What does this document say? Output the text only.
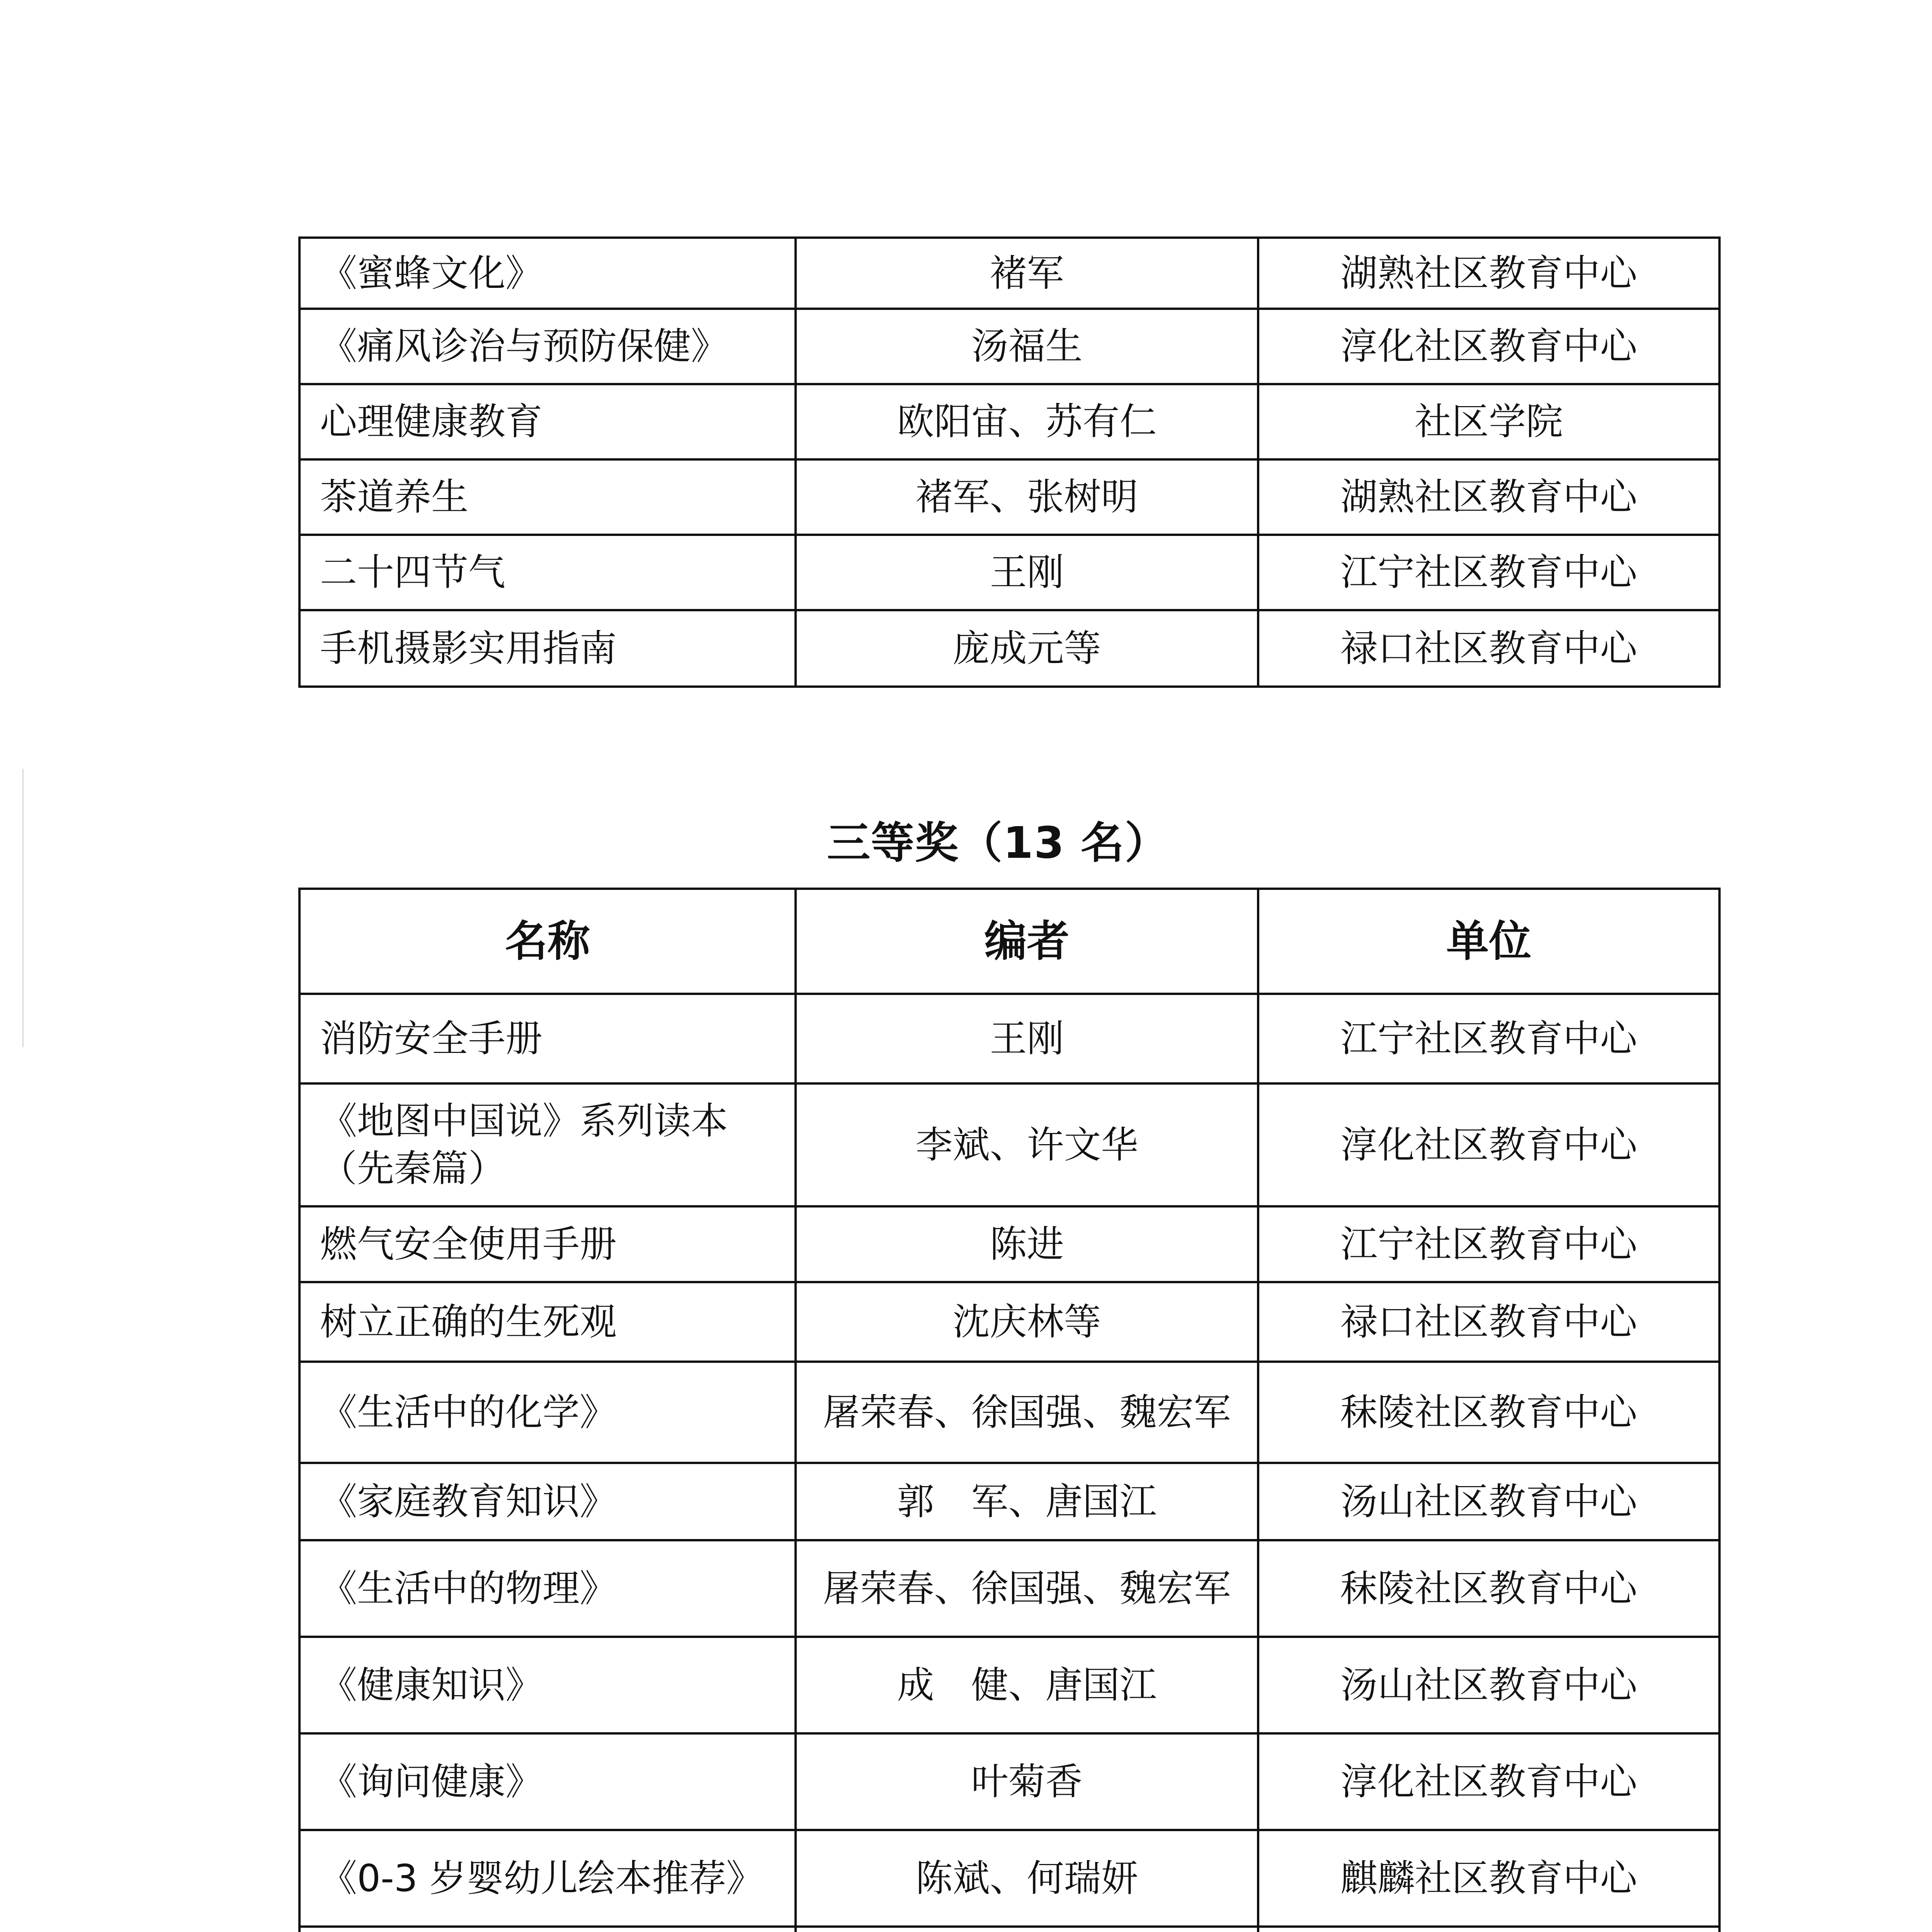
《蜜蜂文化》	褚军	湖熟社区教育中心
《痛风诊治与预防保健》	汤福生	淳化社区教育中心
心理健康教育	欧阳宙、苏有仁	社区学院
茶道养生	褚军、张树明	湖熟社区教育中心
二十四节气	王刚	江宁社区教育中心
手机摄影实用指南	庞成元等	禄口社区教育中心
三等奖（13 名）
名称	编者	单位
消防安全手册	王刚	江宁社区教育中心
《地图中国说》系列读本（先秦篇）	李斌、许文华	淳化社区教育中心
燃气安全使用手册	陈进	江宁社区教育中心
树立正确的生死观	沈庆林等	禄口社区教育中心
《生活中的化学》	屠荣春、徐国强、魏宏军	秣陵社区教育中心
《家庭教育知识》	郭　军、唐国江	汤山社区教育中心
《生活中的物理》	屠荣春、徐国强、魏宏军	秣陵社区教育中心
《健康知识》	成　健、唐国江	汤山社区教育中心
《询问健康》	叶菊香	淳化社区教育中心
《0-3 岁婴幼儿绘本推荐》	陈斌、何瑞妍	麒麟社区教育中心
